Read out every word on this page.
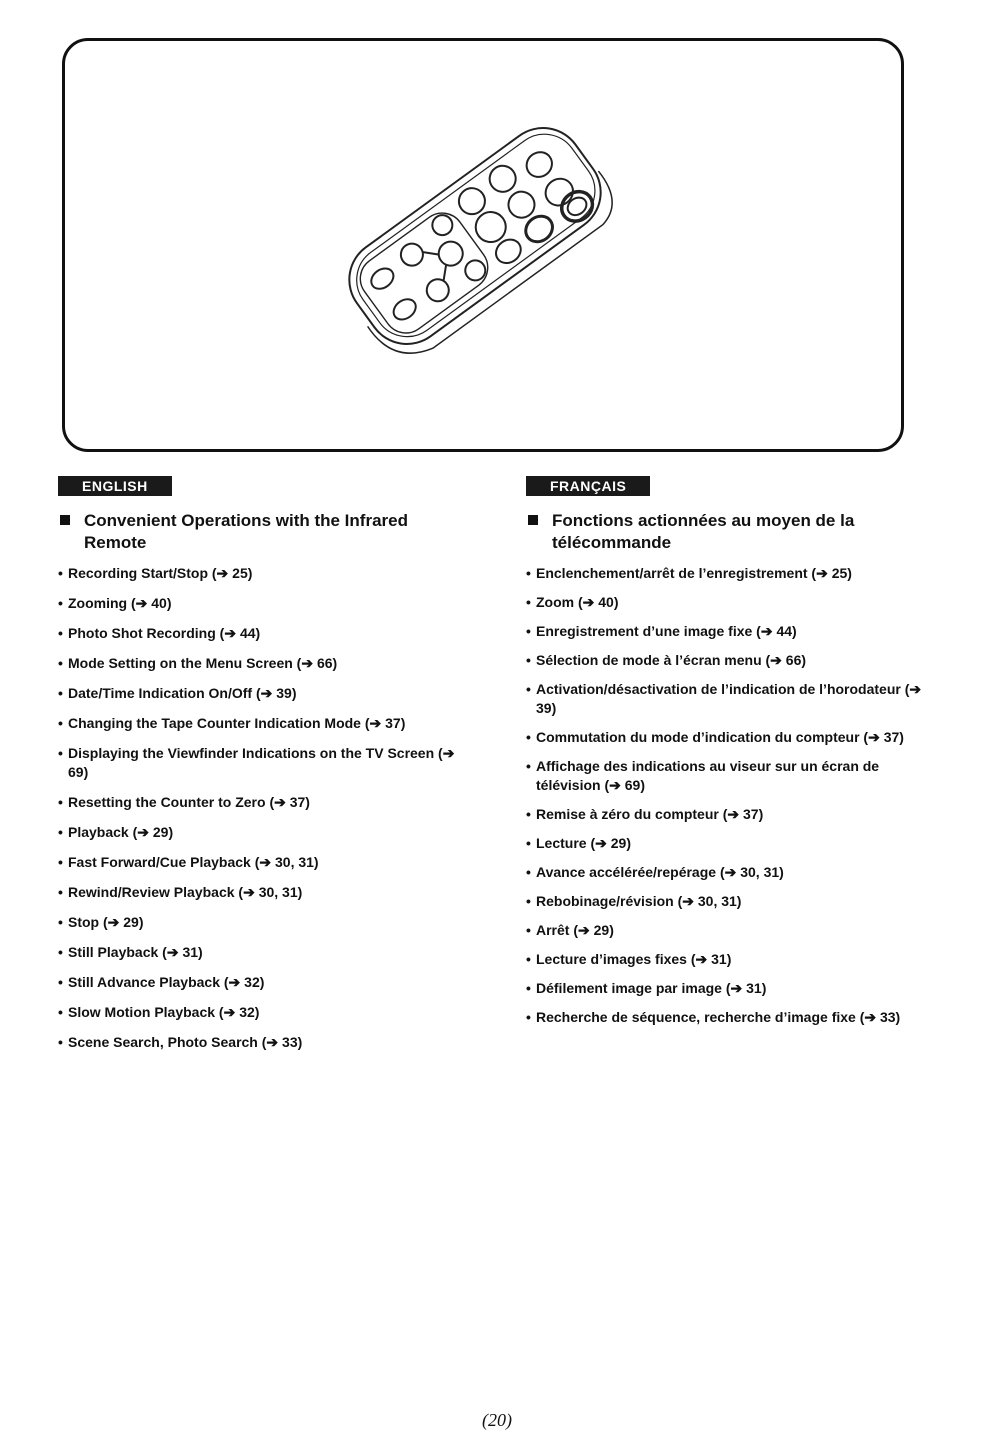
ENGLISH
Convenient Operations with the Infrared Remote
• Recording Start/Stop (➔ 25)
• Zooming (➔ 40)
• Photo Shot Recording (➔ 44)
• Mode Setting on the Menu Screen (➔ 66)
• Date/Time Indication On/Off (➔ 39)
• Changing the Tape Counter Indication Mode (➔ 37)
• Displaying the Viewfinder Indications on the TV Screen (➔ 69)
• Resetting the Counter to Zero (➔ 37)
• Playback (➔ 29)
• Fast Forward/Cue Playback (➔ 30, 31)
• Rewind/Review Playback (➔ 30, 31)
• Stop (➔ 29)
• Still Playback (➔ 31)
• Still Advance Playback (➔ 32)
• Slow Motion Playback (➔ 32)
• Scene Search, Photo Search (➔ 33)
FRANÇAIS
Fonctions actionnées au moyen de la télécommande
• Enclenchement/arrêt de l’enregistrement (➔ 25)
• Zoom (➔ 40)
• Enregistrement d’une image fixe (➔ 44)
• Sélection de mode à l’écran menu (➔ 66)
• Activation/désactivation de l’indication de l’horodateur (➔ 39)
• Commutation du mode d’indication du compteur (➔ 37)
• Affichage des indications au viseur sur un écran de télévision (➔ 69)
• Remise à zéro du compteur (➔ 37)
• Lecture (➔ 29)
• Avance accélérée/repérage (➔ 30, 31)
• Rebobinage/révision (➔ 30, 31)
• Arrêt (➔ 29)
• Lecture d’images fixes (➔ 31)
• Défilement image par image (➔ 31)
• Recherche de séquence, recherche d’image fixe (➔ 33)
(20)
